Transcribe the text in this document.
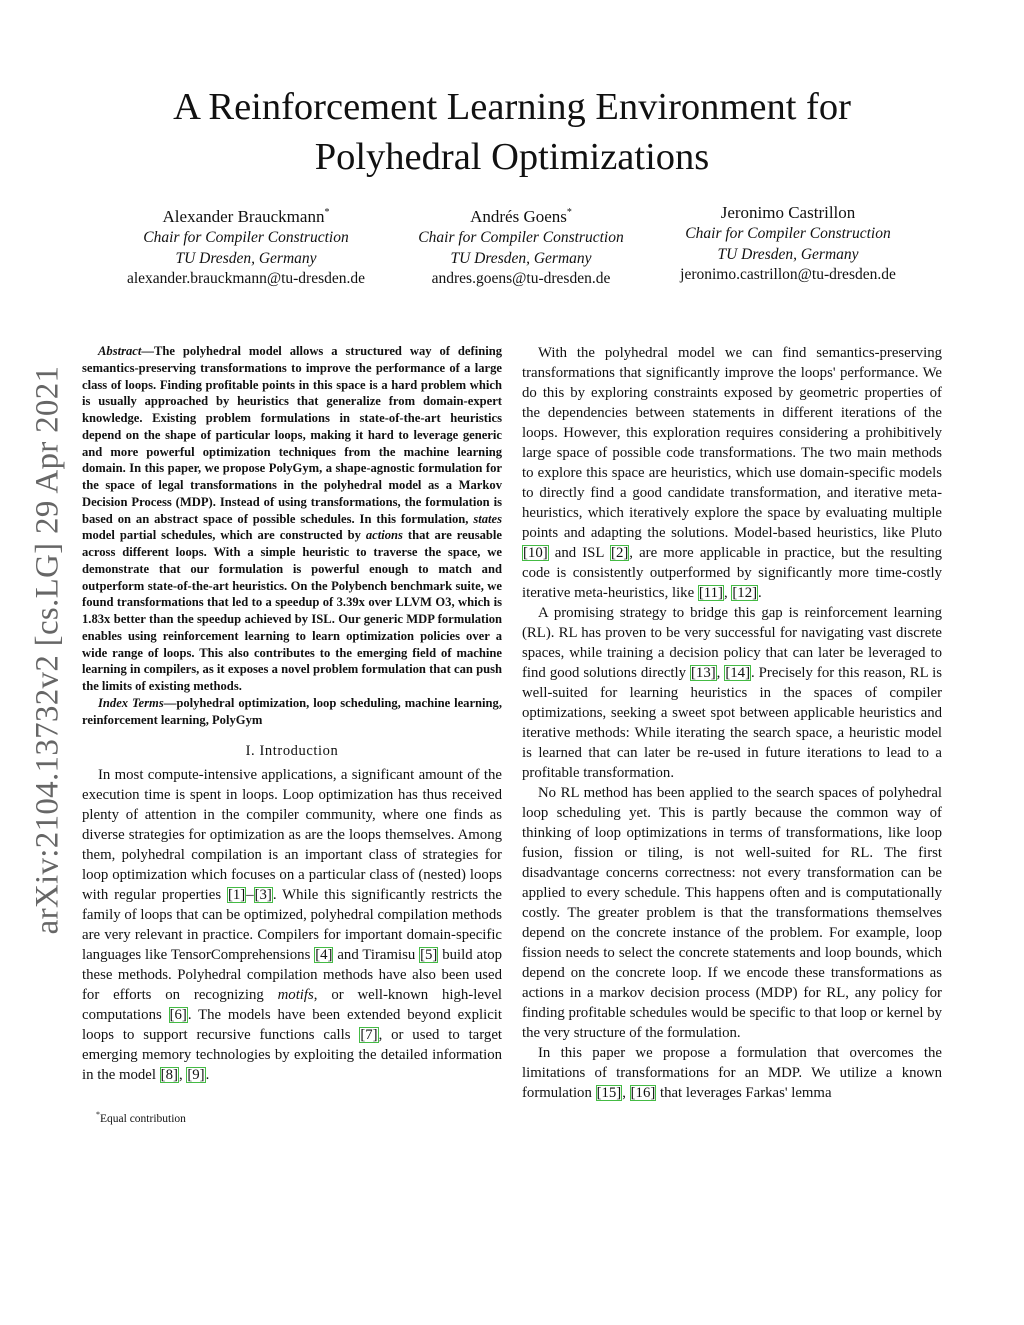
arXiv:2104.13732v2 [cs.LG] 29 Apr 2021
A Reinforcement Learning Environment for
Polyhedral Optimizations
Alexander Brauckmann*
Chair for Compiler Construction
TU Dresden, Germany
alexander.brauckmann@tu-dresden.de
Andrés Goens*
Chair for Compiler Construction
TU Dresden, Germany
andres.goens@tu-dresden.de
Jeronimo Castrillon
Chair for Compiler Construction
TU Dresden, Germany
jeronimo.castrillon@tu-dresden.de

Abstract—The polyhedral model allows a structured way of defining semantics-preserving transformations to improve the performance of a large class of loops. Finding profitable points in this space is a hard problem which is usually approached by heuristics that generalize from domain-expert knowledge. Existing problem formulations in state-of-the-art heuristics depend on the shape of particular loops, making it hard to leverage generic and more powerful optimization techniques from the machine learning domain. In this paper, we propose PolyGym, a shape-agnostic formulation for the space of legal transformations in the polyhedral model as a Markov Decision Process (MDP). Instead of using transformations, the formulation is based on an abstract space of possible schedules. In this formulation, states model partial schedules, which are constructed by actions that are reusable across different loops. With a simple heuristic to traverse the space, we demonstrate that our formulation is powerful enough to match and outperform state-of-the-art heuristics. On the Polybench benchmark suite, we found transformations that led to a speedup of 3.39x over LLVM O3, which is 1.83x better than the speedup achieved by ISL. Our generic MDP formulation enables using reinforcement learning to learn optimization policies over a wide range of loops. This also contributes to the emerging field of machine learning in compilers, as it exposes a novel problem formulation that can push the limits of existing methods.

Index Terms—polyhedral optimization, loop scheduling, machine learning, reinforcement learning, PolyGym

I. Introduction

In most compute-intensive applications, a significant amount of the execution time is spent in loops. Loop optimization has thus received plenty of attention in the compiler community, where one finds as diverse strategies for optimization as are the loops themselves. Among them, polyhedral compilation is an important class of strategies for loop optimization which focuses on a particular class of (nested) loops with regular properties [1]–[3]. While this significantly restricts the family of loops that can be optimized, polyhedral compilation methods are very relevant in practice. Compilers for important domain-specific languages like TensorComprehensions [4] and Tiramisu [5] build atop these methods. Polyhedral compilation methods have also been used for efforts on recognizing motifs, or well-known high-level computations [6]. The models have been extended beyond explicit loops to support recursive functions calls [7], or used to target emerging memory technologies by exploiting the detailed information in the model [8], [9].

*Equal contribution

With the polyhedral model we can find semantics-preserving transformations that significantly improve the loops' performance. We do this by exploring constraints exposed by geometric properties of the dependencies between statements in different iterations of the loops. However, this exploration requires considering a prohibitively large space of possible code transformations. The two main methods to explore this space are heuristics, which use domain-specific models to directly find a good candidate transformation, and iterative meta-heuristics, which iteratively explore the space by evaluating multiple points and adapting the solutions. Model-based heuristics, like Pluto [10] and ISL [2], are more applicable in practice, but the resulting code is consistently outperformed by significantly more time-costly iterative meta-heuristics, like [11], [12].

A promising strategy to bridge this gap is reinforcement learning (RL). RL has proven to be very successful for navigating vast discrete spaces, while training a decision policy that can later be leveraged to find good solutions directly [13], [14]. Precisely for this reason, RL is well-suited for learning heuristics in the spaces of compiler optimizations, seeking a sweet spot between applicable heuristics and iterative methods: While iterating the search space, a heuristic model is learned that can later be re-used in future iterations to lead to a profitable transformation.

No RL method has been applied to the search spaces of polyhedral loop scheduling yet. This is partly because the common way of thinking of loop optimizations in terms of transformations, like loop fusion, fission or tiling, is not well-suited for RL. The first disadvantage concerns correctness: not every transformation can be applied to every schedule. This happens often and is computationally costly. The greater problem is that the transformations themselves depend on the concrete instance of the problem. For example, loop fission needs to select the concrete statements and loop bounds, which depend on the concrete loop. If we encode these transformations as actions in a markov decision process (MDP) for RL, any policy for finding profitable schedules would be specific to that loop or kernel by the very structure of the formulation.

In this paper we propose a formulation that overcomes the limitations of transformations for an MDP. We utilize a known formulation [15], [16] that leverages Farkas' lemma
